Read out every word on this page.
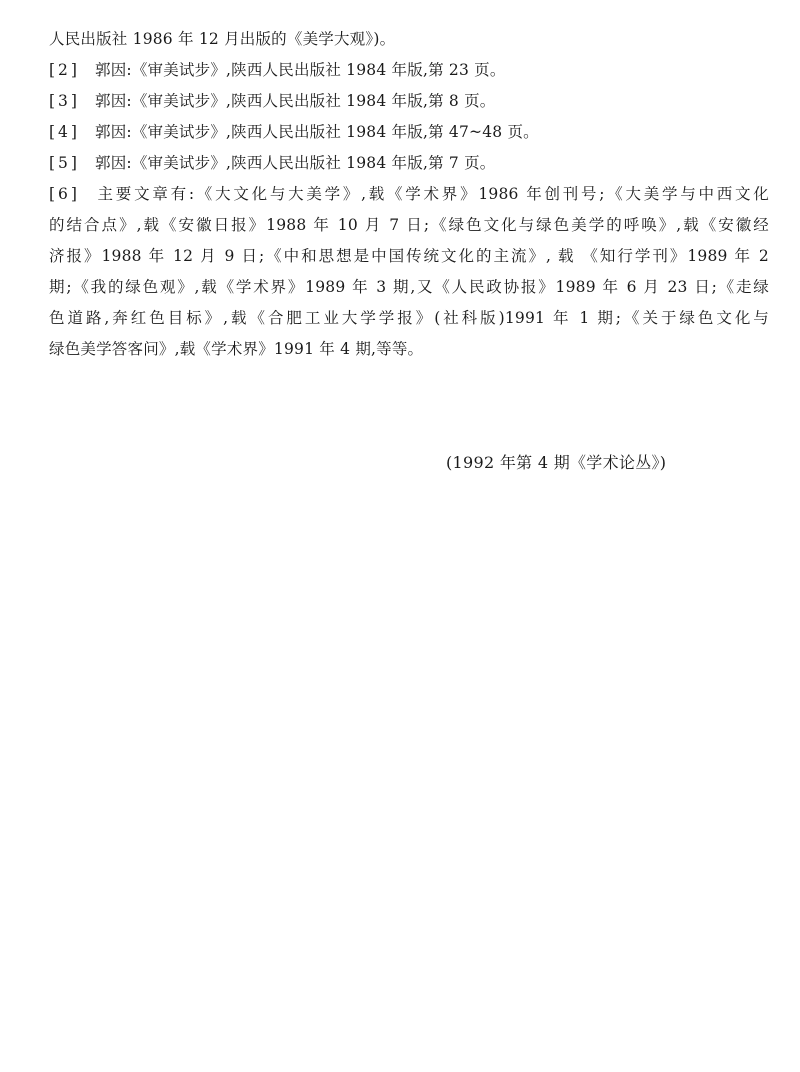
人民出版社 1986 年 12 月出版的《美学大观》)。
[2] 郭因:《审美试步》,陕西人民出版社 1984 年版,第 23 页。
[3] 郭因:《审美试步》,陕西人民出版社 1984 年版,第 8 页。
[4] 郭因:《审美试步》,陕西人民出版社 1984 年版,第 47~48 页。
[5] 郭因:《审美试步》,陕西人民出版社 1984 年版,第 7 页。
[6] 主要文章有:《大文化与大美学》,载《学术界》1986 年创刊号;《大美学与中西文化
的结合点》,载《安徽日报》1988 年 10 月 7 日;《绿色文化与绿色美学的呼唤》,载《安徽经
济报》1988 年 12 月 9 日;《中和思想是中国传统文化的主流》, 载 《知行学刊》1989 年 2
期;《我的绿色观》,载《学术界》1989 年 3 期,又《人民政协报》1989 年 6 月 23 日;《走绿
色道路,奔红色目标》,载《合肥工业大学学报》(社科版)1991 年 1 期;《关于绿色文化与
绿色美学答客问》,载《学术界》1991 年 4 期,等等。
(1992 年第 4 期《学术论丛》)
